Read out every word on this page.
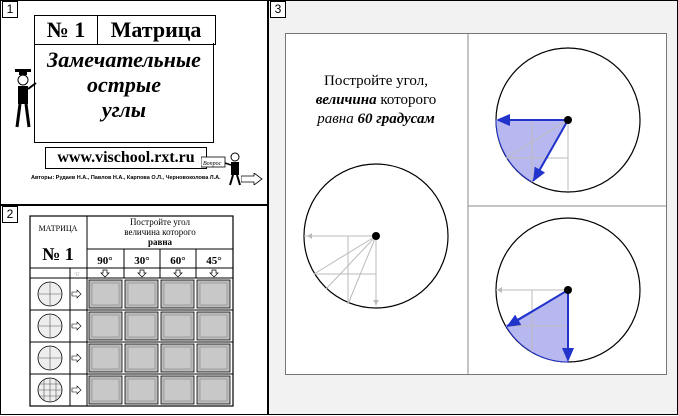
1
№ 1	Матрица
Замечательные
острые
углы
www.vischool.rxt.ru	Вопрос
Авторы: Рудаев Н.А., Павлов Н.А., Карпова О.Л., Черновоколова Л.А.
2
МАТРИЦА
№ 1
Постройте угол
величина которого
равна
90° 30° 60° 45°
☜
3
Постройте угол,
величина которого
равна 60 градусам
